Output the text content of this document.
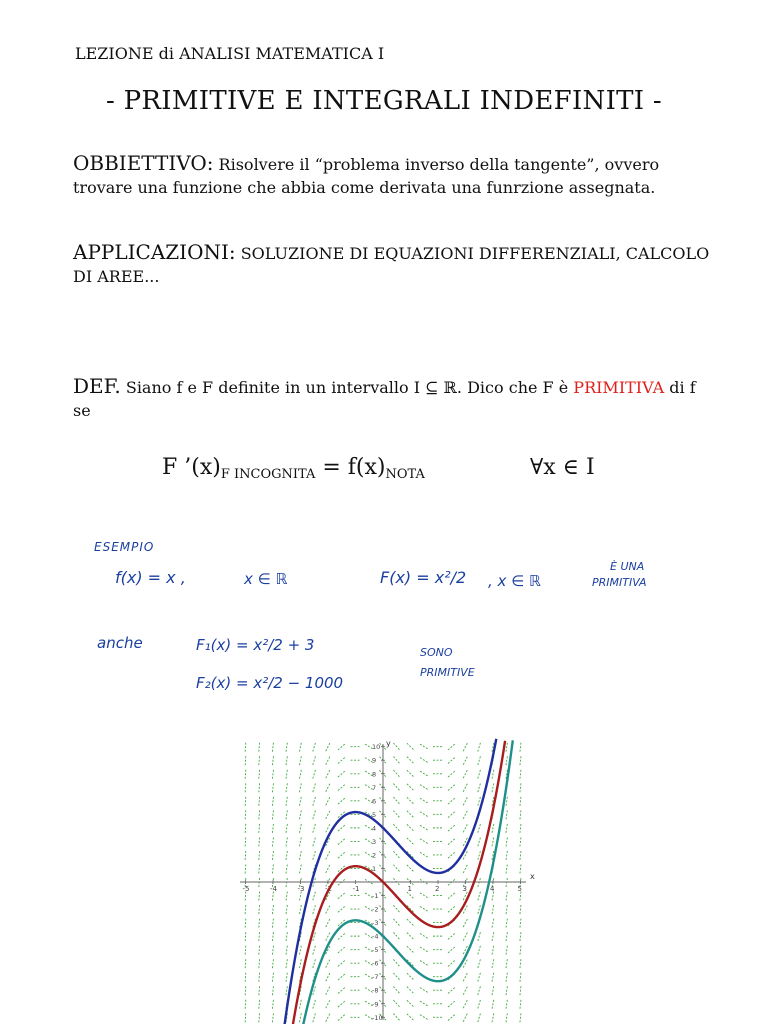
LEZIONE di ANALISI MATEMATICA I
- PRIMITIVE E INTEGRALI INDEFINITI -
OBBIETTIVO: Risolvere il “problema inverso della tangente”, ovvero trovare una funzione che abbia come derivata una funrzione assegnata.
APPLICAZIONI: SOLUZIONE DI EQUAZIONI DIFFERENZIALI, CALCOLO DI AREE...
DEF. Siano f e F definite in un intervallo I ⊆ ℝ. Dico che F è PRIMITIVA di f se
F $’(x)_{F INCOGNITA} = f(x)_{NOTA}$	∀x ∈ I
ESEMPIO
f(x) = x ,	x ∈ ℝ	F(x) = x²/2 , x ∈ ℝ
È UNA
PRIMITIVA
anche	F₁(x) = x²/2 + 3
F₂(x) = x²/2 − 1000
SONO
PRIMITIVE
x
y
-5	-4	-3	-2	-1	1	2	3	4	5
10
9
8
7
6
5
4
3
2
1
-1
-2
-3
-4
-5
-6
-7
-8
-9
-10
